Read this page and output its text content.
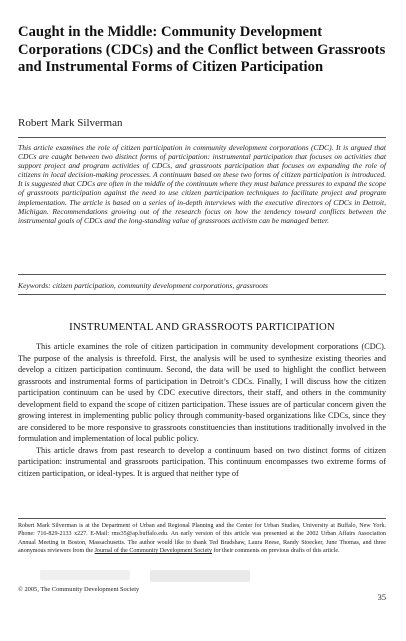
Caught in the Middle: Community Development Corporations (CDCs) and the Conflict between Grassroots and Instrumental Forms of Citizen Participation
Robert Mark Silverman
This article examines the role of citizen participation in community development corporations (CDC). It is argued that CDCs are caught between two distinct forms of participation: instrumental participation that focuses on activities that support project and program activities of CDCs, and grassroots participation that focuses on expanding the role of citizens in local decision-making processes. A continuum based on these two forms of citizen participation is introduced. It is suggested that CDCs are often in the middle of the continuum where they must balance pressures to expand the scope of grassroots participation against the need to use citizen participation techniques to facilitate project and program implementation. The article is based on a series of in-depth interviews with the executive directors of CDCs in Detroit, Michigan. Recommendations growing out of the research focus on how the tendency toward conflicts between the instrumental goals of CDCs and the long-standing value of grassroots activism can be managed better.
Keywords: citizen participation, community development corporations, grassroots
INSTRUMENTAL AND GRASSROOTS PARTICIPATION

This article examines the role of citizen participation in community development corporations (CDC). The purpose of the analysis is threefold. First, the analysis will be used to synthesize existing theories and develop a citizen participation continuum. Second, the data will be used to highlight the conflict between grassroots and instrumental forms of participation in Detroit’s CDCs. Finally, I will discuss how the citizen participation continuum can be used by CDC executive directors, their staff, and others in the community development field to expand the scope of citizen participation. These issues are of particular concern given the growing interest in implementing public policy through community-based organizations like CDCs, since they are considered to be more responsive to grassroots constituencies than institutions traditionally involved in the formulation and implementation of local public policy.

This article draws from past research to develop a continuum based on two distinct forms of citizen participation: instrumental and grassroots participation. This continuum encompasses two extreme forms of citizen participation, or ideal-types. It is argued that neither type of

Robert Mark Silverman is at the Department of Urban and Regional Planning and the Center for Urban Studies, University at Buffalo, New York. Phone: 716-829-2133 x227. E-Mail: rms35@ap.buffalo.edu. An early version of this article was presented at the 2002 Urban Affairs Association Annual Meeting in Boston, Massachusetts. The author would like to thank Ted Bradshaw, Laura Reese, Randy Stoecker, June Thomas, and three anonymous reviewers from the Journal of the Community Development Society for their comments on previous drafts of this article.
© 2005, The Community Development Society
35
